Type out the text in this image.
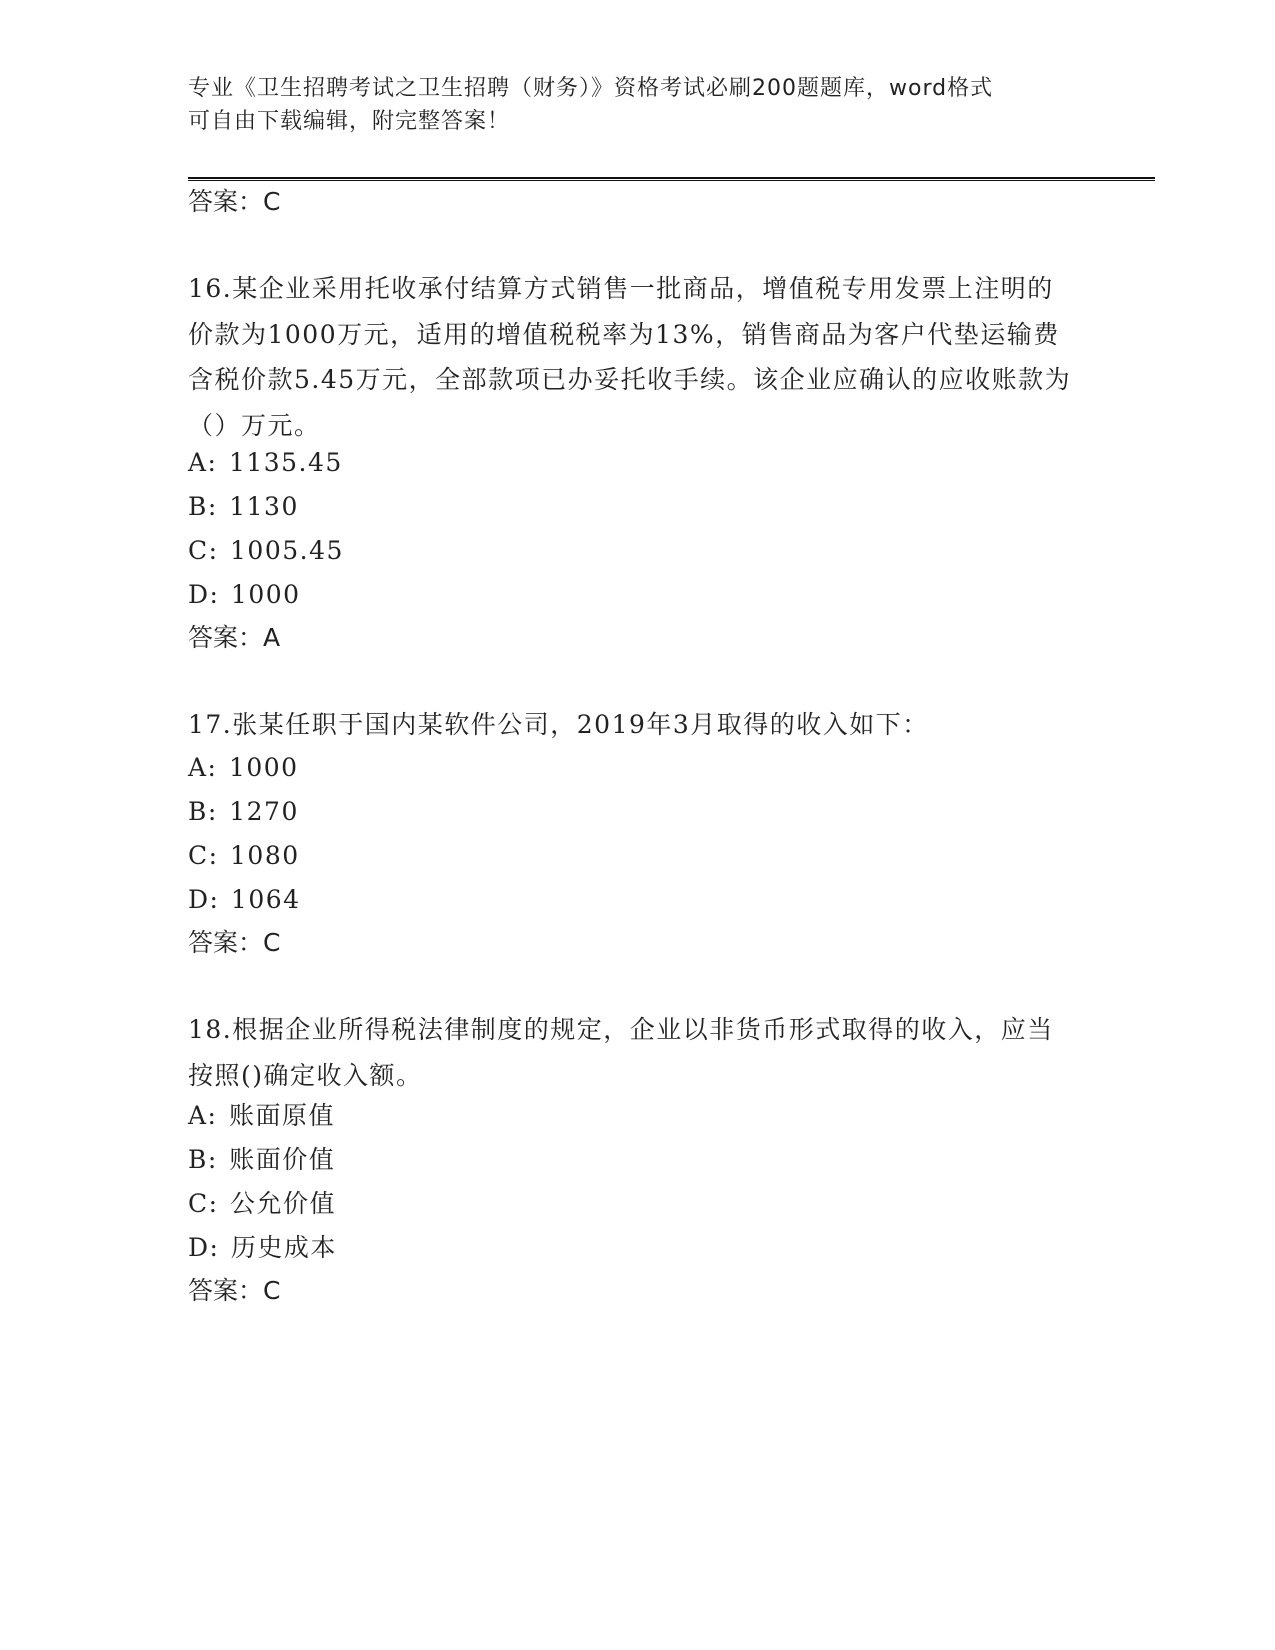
专业《卫生招聘考试之卫生招聘（财务）》资格考试必刷200题题库，word格式
可自由下载编辑，附完整答案！
答案：C
16.某企业采用托收承付结算方式销售一批商品，增值税专用发票上注明的价款为1000万元，适用的增值税税率为13%，销售商品为客户代垫运输费含税价款5.45万元，全部款项已办妥托收手续。该企业应确认的应收账款为（）万元。
A: 1135.45
B: 1130
C: 1005.45
D: 1000
答案：A
17.张某任职于国内某软件公司，2019年3月取得的收入如下：
A: 1000
B: 1270
C: 1080
D: 1064
答案：C
18.根据企业所得税法律制度的规定，企业以非货币形式取得的收入，应当按照()确定收入额。
A: 账面原值
B: 账面价值
C: 公允价值
D: 历史成本
答案：C
